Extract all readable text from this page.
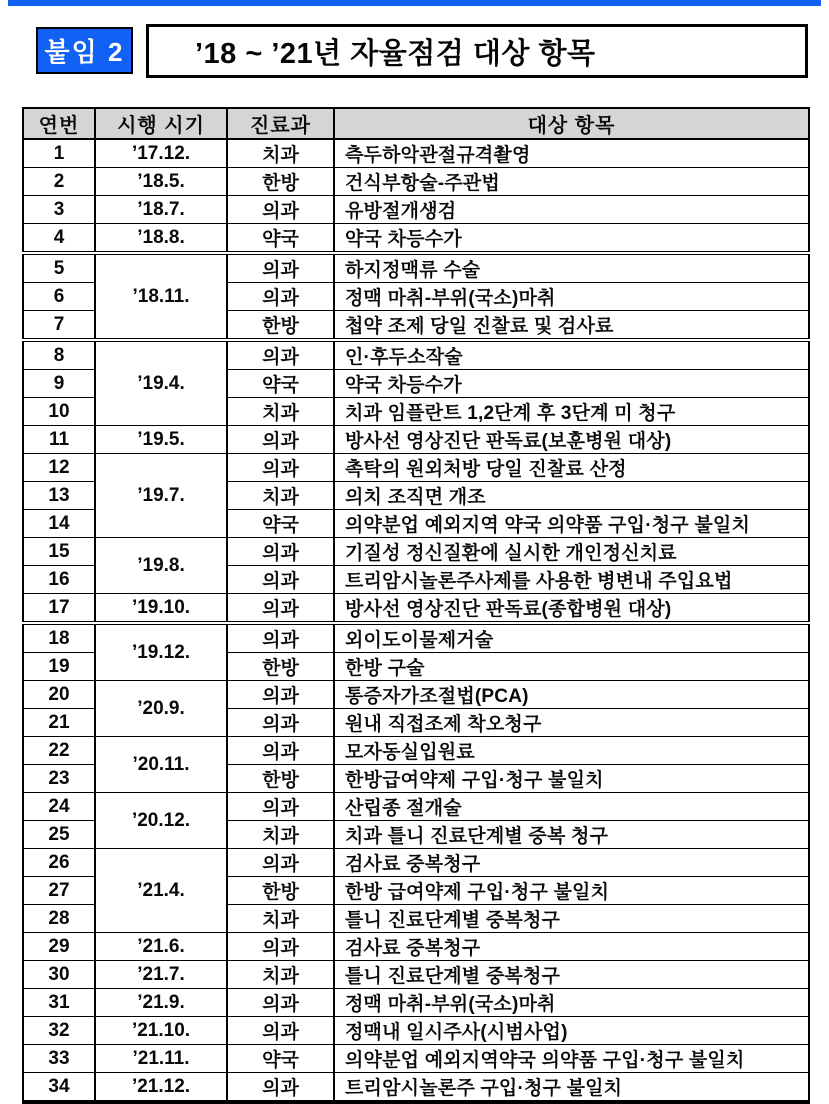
붙임 2	’18 ~ ’21년 자율점검 대상 항목
연번	시행 시기	진료과	대상 항목
1	’17.12.	치과	측두하악관절규격촬영
2	’18.5.	한방	건식부항술-주관법
3	’18.7.	의과	유방절개생검
4	’18.8.	약국	약국 차등수가
5	’18.11.	의과	하지정맥류 수술
6		의과	정맥 마취-부위(국소)마취
7		한방	첩약 조제 당일 진찰료 및 검사료
8	’19.4.	의과	인·후두소작술
9		약국	약국 차등수가
10		치과	치과 임플란트 1,2단계 후 3단계 미 청구
11	’19.5.	의과	방사선 영상진단 판독료(보훈병원 대상)
12	’19.7.	의과	촉탁의 원외처방 당일 진찰료 산정
13		치과	의치 조직면 개조
14		약국	의약분업 예외지역 약국 의약품 구입·청구 불일치
15	’19.8.	의과	기질성 정신질환에 실시한 개인정신치료
16		의과	트리암시놀론주사제를 사용한 병변내 주입요법
17	’19.10.	의과	방사선 영상진단 판독료(종합병원 대상)
18	’19.12.	의과	외이도이물제거술
19		한방	한방 구술
20	’20.9.	의과	통증자가조절법(PCA)
21		의과	원내 직접조제 착오청구
22	’20.11.	의과	모자동실입원료
23		한방	한방급여약제 구입·청구 불일치
24	’20.12.	의과	산립종 절개술
25		치과	치과 틀니 진료단계별 중복 청구
26	’21.4.	의과	검사료 중복청구
27		한방	한방 급여약제 구입·청구 불일치
28		치과	틀니 진료단계별 중복청구
29	’21.6.	의과	검사료 중복청구
30	’21.7.	치과	틀니 진료단계별 중복청구
31	’21.9.	의과	정맥 마취-부위(국소)마취
32	’21.10.	의과	정맥내 일시주사(시범사업)
33	’21.11.	약국	의약분업 예외지역약국 의약품 구입·청구 불일치
34	’21.12.	의과	트리암시놀론주 구입·청구 불일치
